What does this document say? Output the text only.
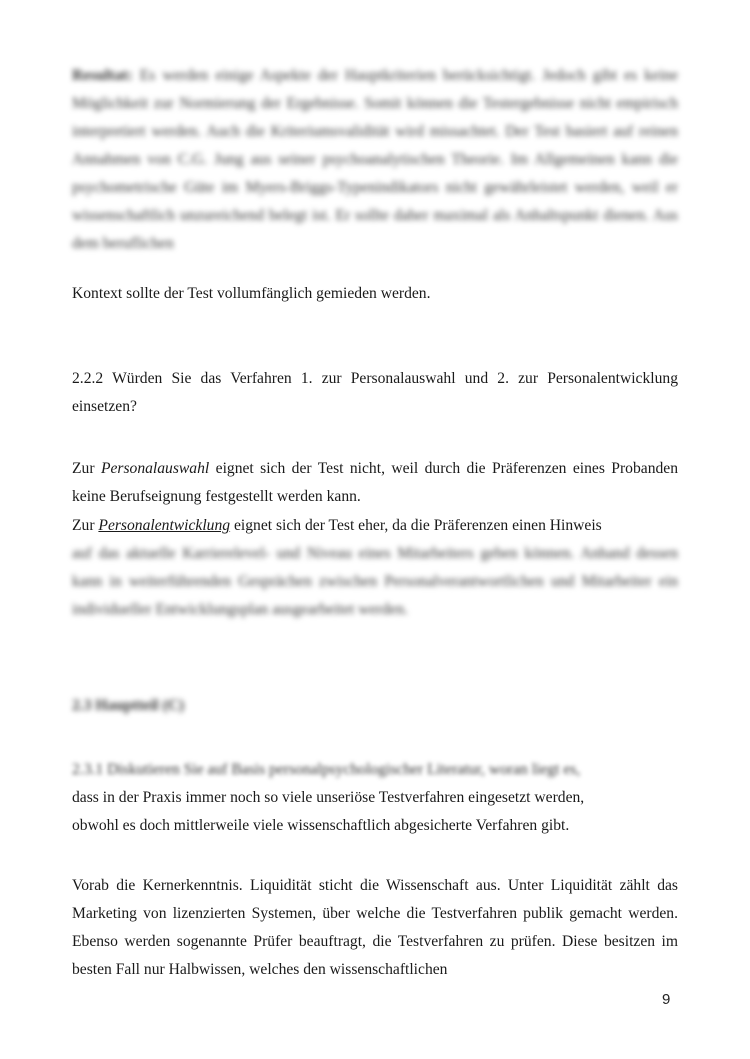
Resultat: Es werden einige Aspekte der Hauptkriterien berücksichtigt. Jedoch gibt es keine Möglichkeit zur Normierung der Ergebnisse. Somit können die Testergebnisse nicht empirisch interpretiert werden. Auch die Kriteriumsvalidität wird missachtet. Der Test basiert auf reinen Annahmen von C.G. Jung aus seiner psychoanalytischen Theorie. Im Allgemeinen kann die psychometrische Güte im Myers-Briggs-Typenindikators nicht gewährleistet werden, weil er wissenschaftlich unzureichend belegt ist. Er sollte daher maximal als Anhaltspunkt dienen. Aus dem beruflichen

Kontext sollte der Test vollumfänglich gemieden werden.

2.2.2 Würden Sie das Verfahren 1. zur Personalauswahl und 2. zur Personalentwicklung einsetzen?

Zur Personalauswahl eignet sich der Test nicht, weil durch die Präferenzen eines Probanden keine Berufseignung festgestellt werden kann.

Zur Personalentwicklung eignet sich der Test eher, da die Präferenzen einen Hinweis

auf das aktuelle Karrierelevel- und Niveau eines Mitarbeiters geben können. Anhand dessen kann in weiterführenden Gesprächen zwischen Personalverantwortlichen und Mitarbeiter ein individueller Entwicklungsplan ausgearbeitet werden.

2.3 Hauptteil (C)

2.3.1 Diskutieren Sie auf Basis personalpsychologischer Literatur, woran liegt es,

dass in der Praxis immer noch so viele unseriöse Testverfahren eingesetzt werden,

obwohl es doch mittlerweile viele wissenschaftlich abgesicherte Verfahren gibt.

Vorab die Kernerkenntnis. Liquidität sticht die Wissenschaft aus. Unter Liquidität zählt das Marketing von lizenzierten Systemen, über welche die Testverfahren publik gemacht werden. Ebenso werden sogenannte Prüfer beauftragt, die Testverfahren zu prüfen. Diese besitzen im besten Fall nur Halbwissen, welches den wissenschaftlichen

9
